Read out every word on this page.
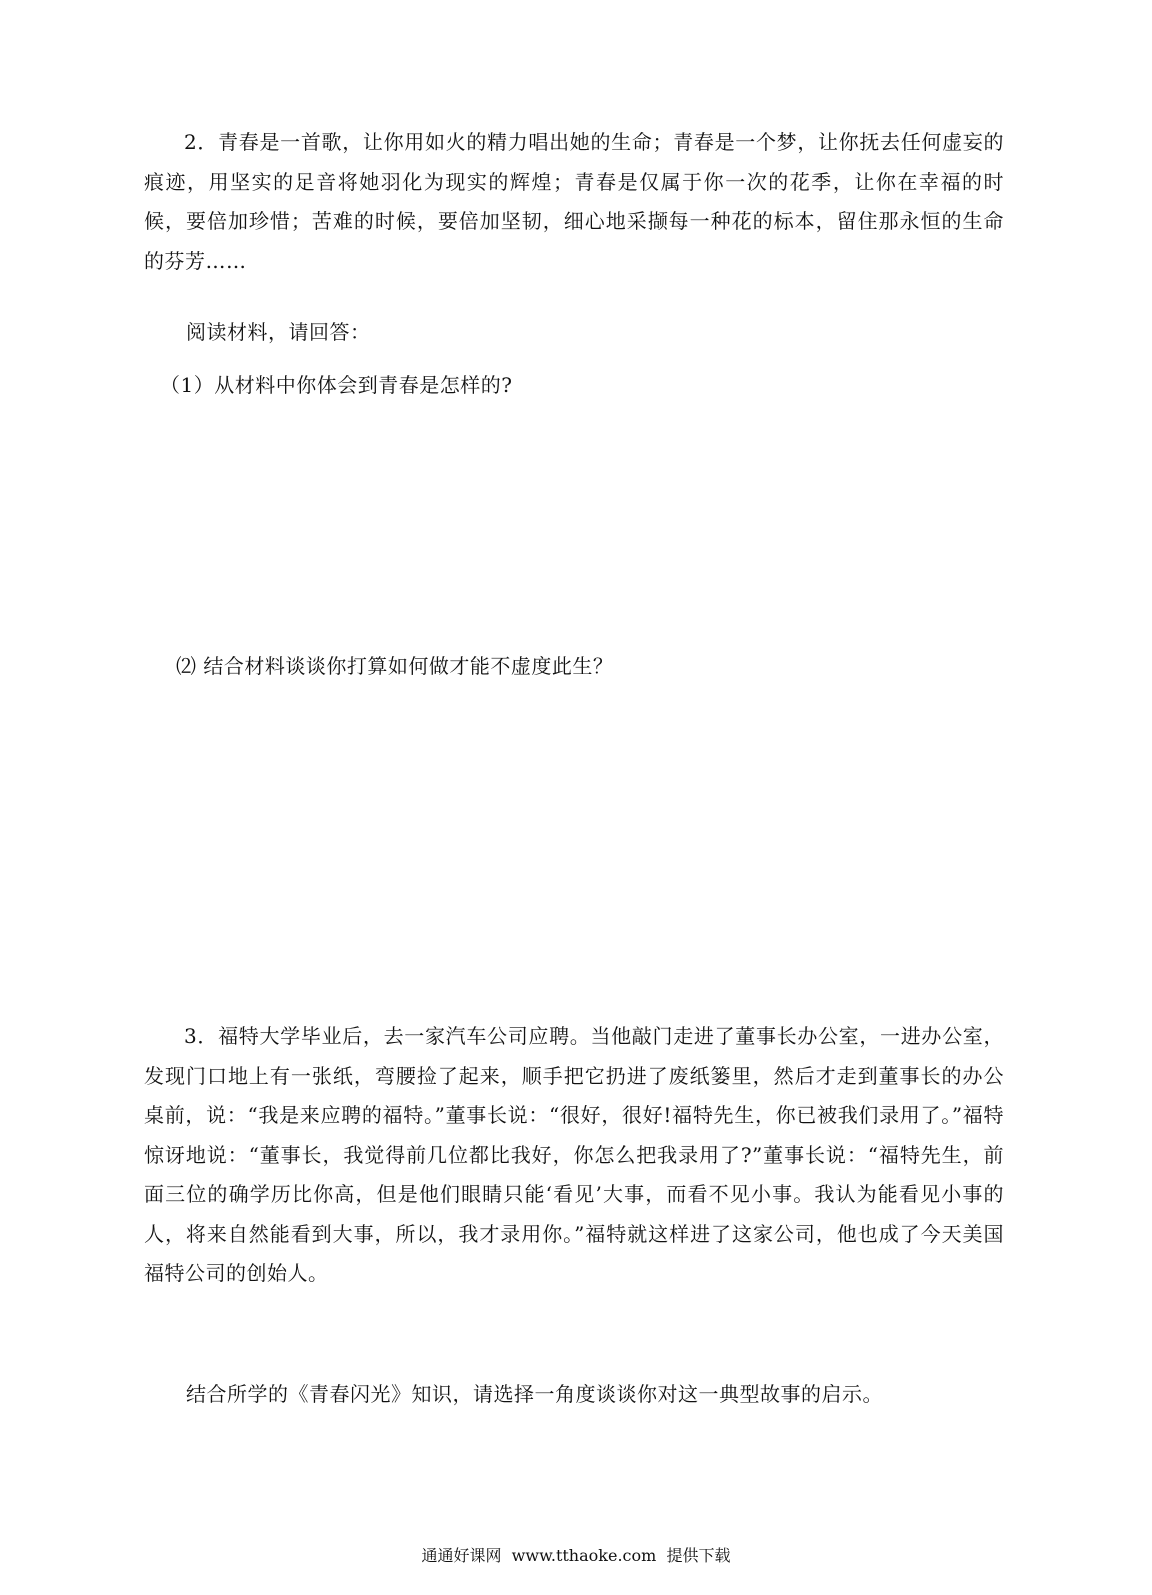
2．青春是一首歌，让你用如火的精力唱出她的生命；青春是一个梦，让你抚去任何虚妄的痕迹，用坚实的足音将她羽化为现实的辉煌；青春是仅属于你一次的花季，让你在幸福的时候，要倍加珍惜；苦难的时候，要倍加坚韧，细心地采撷每一种花的标本，留住那永恒的生命的芬芳……

阅读材料，请回答：

（1）从材料中你体会到青春是怎样的?

⑵ 结合材料谈谈你打算如何做才能不虚度此生？

3．福特大学毕业后，去一家汽车公司应聘。当他敲门走进了董事长办公室，一进办公室，发现门口地上有一张纸，弯腰捡了起来，顺手把它扔进了废纸篓里，然后才走到董事长的办公桌前，说：“我是来应聘的福特。”董事长说：“很好，很好!福特先生，你已被我们录用了。”福特惊讶地说：“董事长，我觉得前几位都比我好，你怎么把我录用了?”董事长说：“福特先生，前面三位的确学历比你高，但是他们眼睛只能‘看见’大事，而看不见小事。我认为能看见小事的人，将来自然能看到大事，所以，我才录用你。”福特就这样进了这家公司，他也成了今天美国福特公司的创始人。

结合所学的《青春闪光》知识，请选择一角度谈谈你对这一典型故事的启示。

通通好课网  www.tthaoke.com  提供下载
